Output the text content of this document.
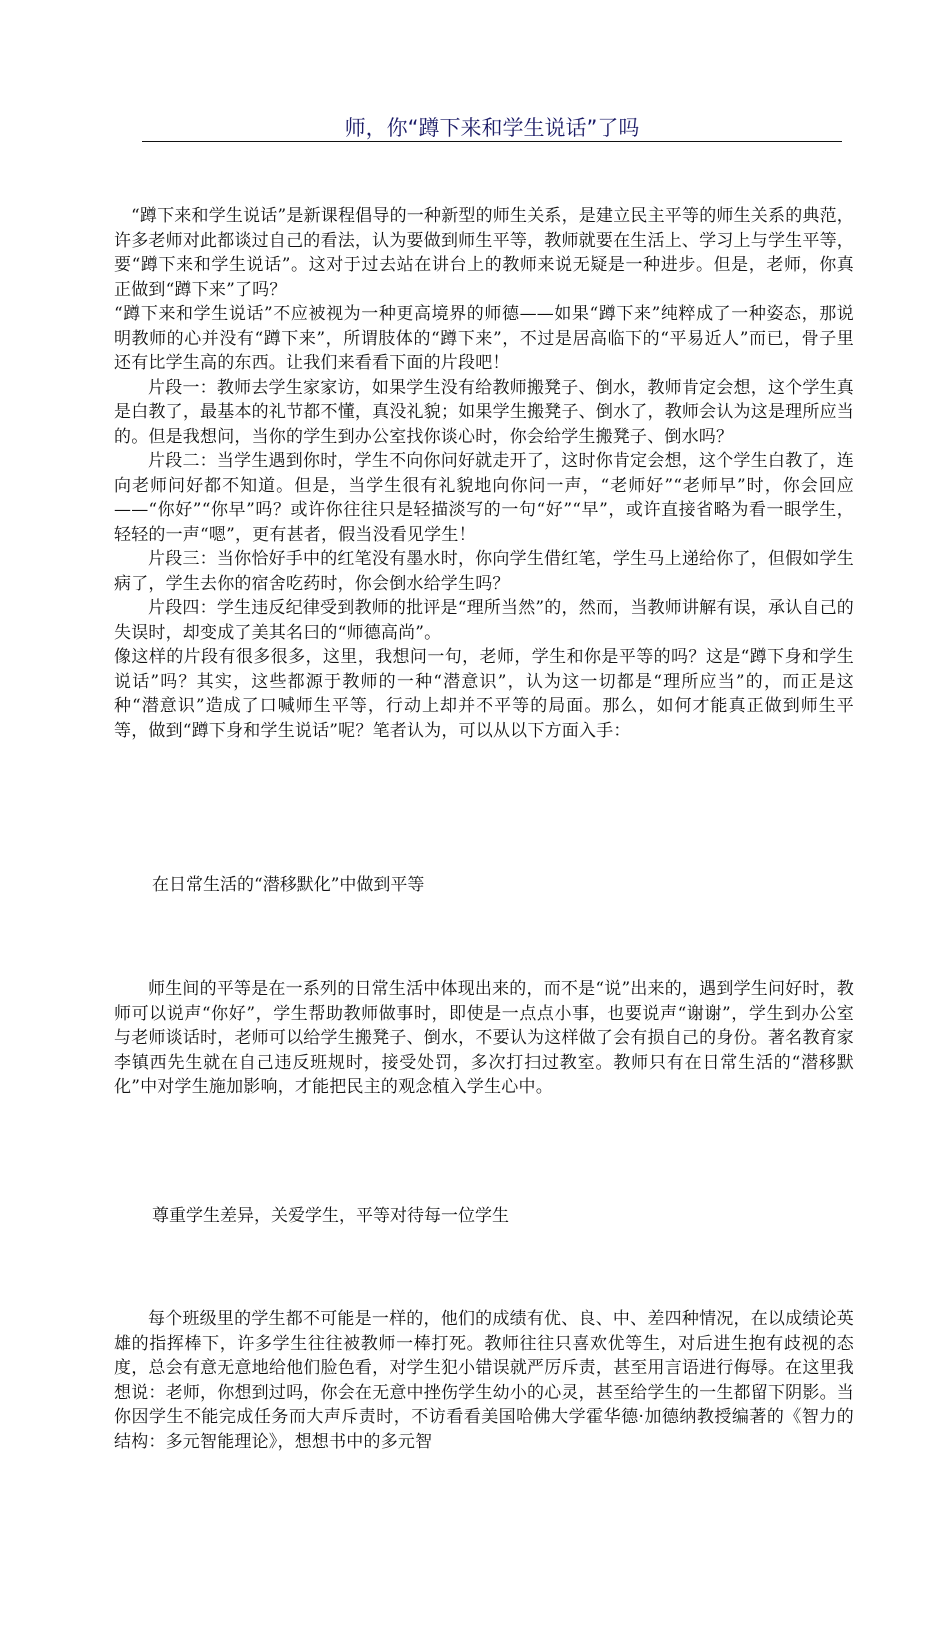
师，你“蹲下来和学生说话”了吗

“蹲下来和学生说话”是新课程倡导的一种新型的师生关系，是建立民主平等的师生关系的典范，许多老师对此都谈过自己的看法，认为要做到师生平等，教师就要在生活上、学习上与学生平等，要“蹲下来和学生说话”。这对于过去站在讲台上的教师来说无疑是一种进步。但是，老师，你真正做到“蹲下来”了吗？

“蹲下来和学生说话”不应被视为一种更高境界的师德——如果“蹲下来”纯粹成了一种姿态，那说明教师的心并没有“蹲下来”，所谓肢体的“蹲下来”，不过是居高临下的“平易近人”而已，骨子里还有比学生高的东西。让我们来看看下面的片段吧！

片段一：教师去学生家家访，如果学生没有给教师搬凳子、倒水，教师肯定会想，这个学生真是白教了，最基本的礼节都不懂，真没礼貌；如果学生搬凳子、倒水了，教师会认为这是理所应当的。但是我想问，当你的学生到办公室找你谈心时，你会给学生搬凳子、倒水吗？

片段二：当学生遇到你时，学生不向你问好就走开了，这时你肯定会想，这个学生白教了，连向老师问好都不知道。但是，当学生很有礼貌地向你问一声，“老师好”“老师早”时，你会回应——“你好”“你早”吗？或许你往往只是轻描淡写的一句“好”“早”，或许直接省略为看一眼学生，轻轻的一声“嗯”，更有甚者，假当没看见学生！

片段三：当你恰好手中的红笔没有墨水时，你向学生借红笔，学生马上递给你了，但假如学生病了，学生去你的宿舍吃药时，你会倒水给学生吗？

片段四：学生违反纪律受到教师的批评是“理所当然”的，然而，当教师讲解有误，承认自己的失误时，却变成了美其名曰的“师德高尚”。

像这样的片段有很多很多，这里，我想问一句，老师，学生和你是平等的吗？这是“蹲下身和学生说话”吗？其实，这些都源于教师的一种“潜意识”，认为这一切都是“理所应当”的，而正是这种“潜意识”造成了口喊师生平等，行动上却并不平等的局面。那么，如何才能真正做到师生平等，做到“蹲下身和学生说话”呢？笔者认为，可以从以下方面入手：

在日常生活的“潜移默化”中做到平等

师生间的平等是在一系列的日常生活中体现出来的，而不是“说”出来的，遇到学生问好时，教师可以说声“你好”，学生帮助教师做事时，即使是一点点小事，也要说声“谢谢”，学生到办公室与老师谈话时，老师可以给学生搬凳子、倒水，不要认为这样做了会有损自己的身份。著名教育家李镇西先生就在自己违反班规时，接受处罚，多次打扫过教室。教师只有在日常生活的“潜移默化”中对学生施加影响，才能把民主的观念植入学生心中。

尊重学生差异，关爱学生，平等对待每一位学生

每个班级里的学生都不可能是一样的，他们的成绩有优、良、中、差四种情况，在以成绩论英雄的指挥棒下，许多学生往往被教师一棒打死。教师往往只喜欢优等生，对后进生抱有歧视的态度，总会有意无意地给他们脸色看，对学生犯小错误就严厉斥责，甚至用言语进行侮辱。在这里我想说：老师，你想到过吗，你会在无意中挫伤学生幼小的心灵，甚至给学生的一生都留下阴影。当你因学生不能完成任务而大声斥责时，不访看看美国哈佛大学霍华德·加德纳教授编著的《智力的结构：多元智能理论》，想想书中的多元智
